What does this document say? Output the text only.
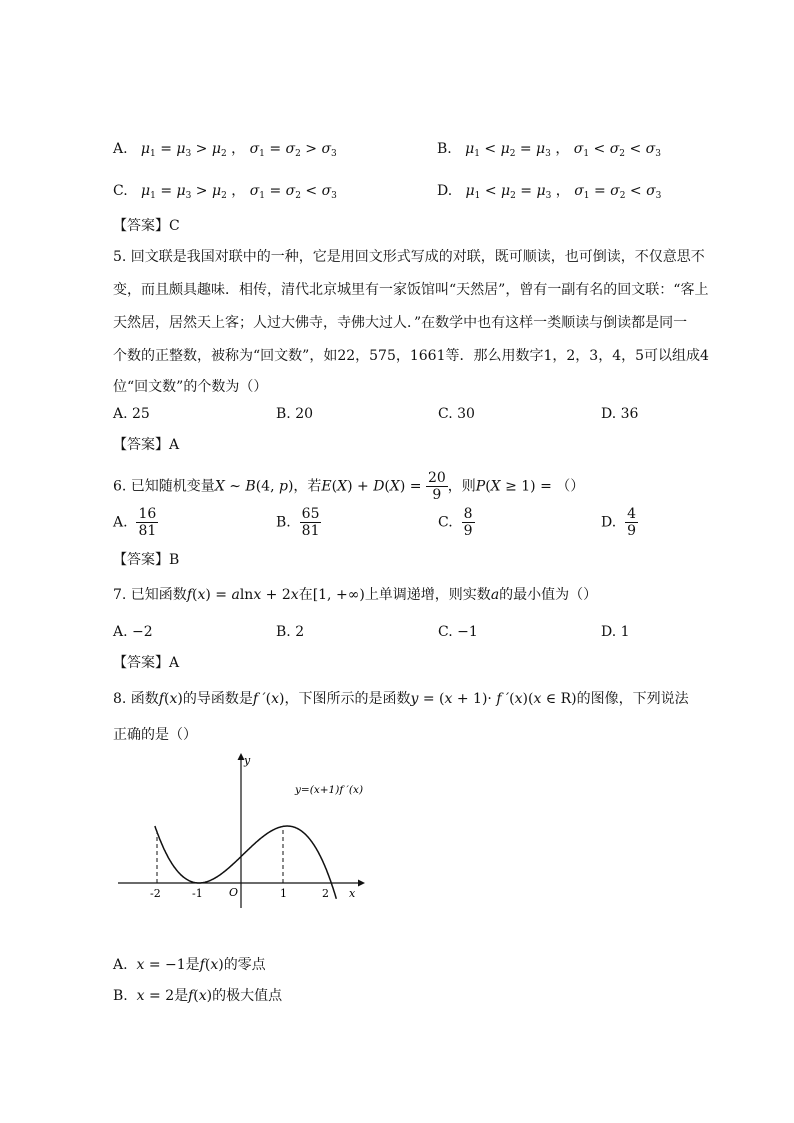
A. $\mu_1 = \mu_3 > \mu_2$ ， $\sigma_1 = \sigma_2 > \sigma_3$	B. $\mu_1 < \mu_2 = \mu_3$ ， $\sigma_1 < \sigma_2 < \sigma_3$
C. $\mu_1 = \mu_3 > \mu_2$ ， $\sigma_1 = \sigma_2 < \sigma_3$	D. $\mu_1 < \mu_2 = \mu_3$ ， $\sigma_1 = \sigma_2 < \sigma_3$
【答案】C
5. 回文联是我国对联中的一种，它是用回文形式写成的对联，既可顺读，也可倒读，不仅意思不
变，而且颇具趣味．相传，清代北京城里有一家饭馆叫“天然居”，曾有一副有名的回文联：“客上
天然居，居然天上客；人过大佛寺，寺佛大过人．”在数学中也有这样一类顺读与倒读都是同一
个数的正整数，被称为“回文数”，如22，575，1661等．那么用数字1，2，3，4，5可以组成4
位“回文数”的个数为（）
A. 25	B. 20	C. 30	D. 36
【答案】A
6. 已知随机变量X ∼ B(4, p)，若$E(X) + D(X) = \frac{20}{9}$ ，则P(X ≥ 1) = （）
A. $\frac{16}{81}$	B. $\frac{65}{81}$	C. $\frac{8}{9}$	D. $\frac{4}{9}$
【答案】B
7. 已知函数f(x) = alnx + 2x在[1, +∞)上单调递增，则实数a的最小值为（）
A. −2	B. 2	C. −1	D. 1
【答案】A
8. 函数f(x)的导函数是f ′(x)，下图所示的是函数y = (x + 1)· f ′(x)(x ∈ R)的图像，下列说法
正确的是（）
y
x
O
-2	-1	1	2
y=(x+1)f ′(x)
A. x = −1是f(x)的零点
B. x = 2是f(x)的极大值点
